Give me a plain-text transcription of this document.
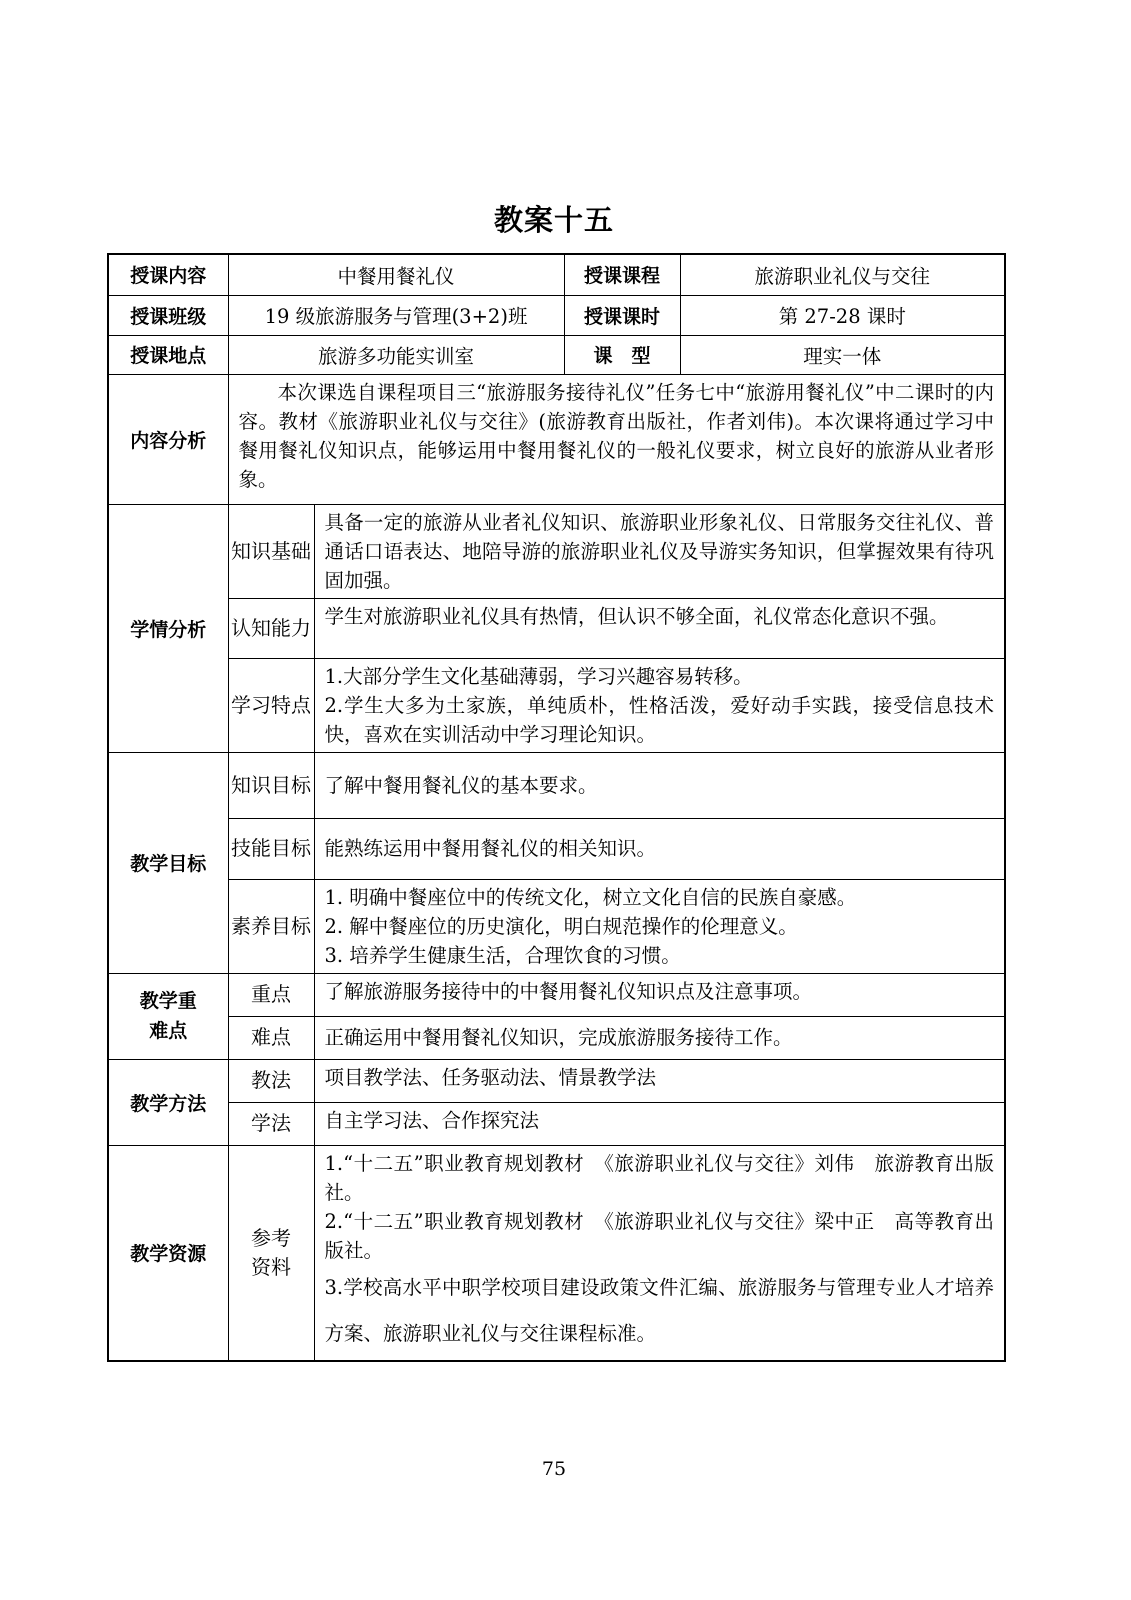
教案十五
授课内容	中餐用餐礼仪		授课课程	旅游职业礼仪与交往
授课班级	19 级旅游服务与管理(3+2)班		授课课时	第 27-28 课时
授课地点	旅游多功能实训室		课　型	理实一体
内容分析	本次课选自课程项目三“旅游服务接待礼仪”任务七中“旅游用餐礼仪”中二课时的内容。教材《旅游职业礼仪与交往》(旅游教育出版社，作者刘伟)。本次课将通过学习中餐用餐礼仪知识点，能够运用中餐用餐礼仪的一般礼仪要求，树立良好的旅游从业者形象。			
学情分析	知识基础	具备一定的旅游从业者礼仪知识、旅游职业形象礼仪、日常服务交往礼仪、普通话口语表达、地陪导游的旅游职业礼仪及导游实务知识，但掌握效果有待巩固加强。		
	认知能力	学生对旅游职业礼仪具有热情，但认识不够全面，礼仪常态化意识不强。		
	学习特点	1.大部分学生文化基础薄弱，学习兴趣容易转移。
2.学生大多为土家族，单纯质朴，性格活泼，爱好动手实践，接受信息技术快，喜欢在实训活动中学习理论知识。		

教学目标	知识目标	了解中餐用餐礼仪的基本要求。		
	技能目标	能熟练运用中餐用餐礼仪的相关知识。		
	素养目标	1. 明确中餐座位中的传统文化，树立文化自信的民族自豪感。
2. 解中餐座位的历史演化，明白规范操作的伦理意义。
3. 培养学生健康生活，合理饮食的习惯。		

教学重难点	重点	了解旅游服务接待中的中餐用餐礼仪知识点及注意事项。		
	难点	正确运用中餐用餐礼仪知识，完成旅游服务接待工作。		
教学方法	教法	项目教学法、任务驱动法、情景教学法		
	学法	自主学习法、合作探究法		
教学资源	参考资料	1.“十二五”职业教育规划教材　《旅游职业礼仪与交往》刘伟　旅游教育出版社。
2.“十二五”职业教育规划教材　《旅游职业礼仪与交往》梁中正　高等教育出版社。
3.学校高水平中职学校项目建设政策文件汇编、旅游服务与管理专业人才培养方案、旅游职业礼仪与交往课程标准。		
75
